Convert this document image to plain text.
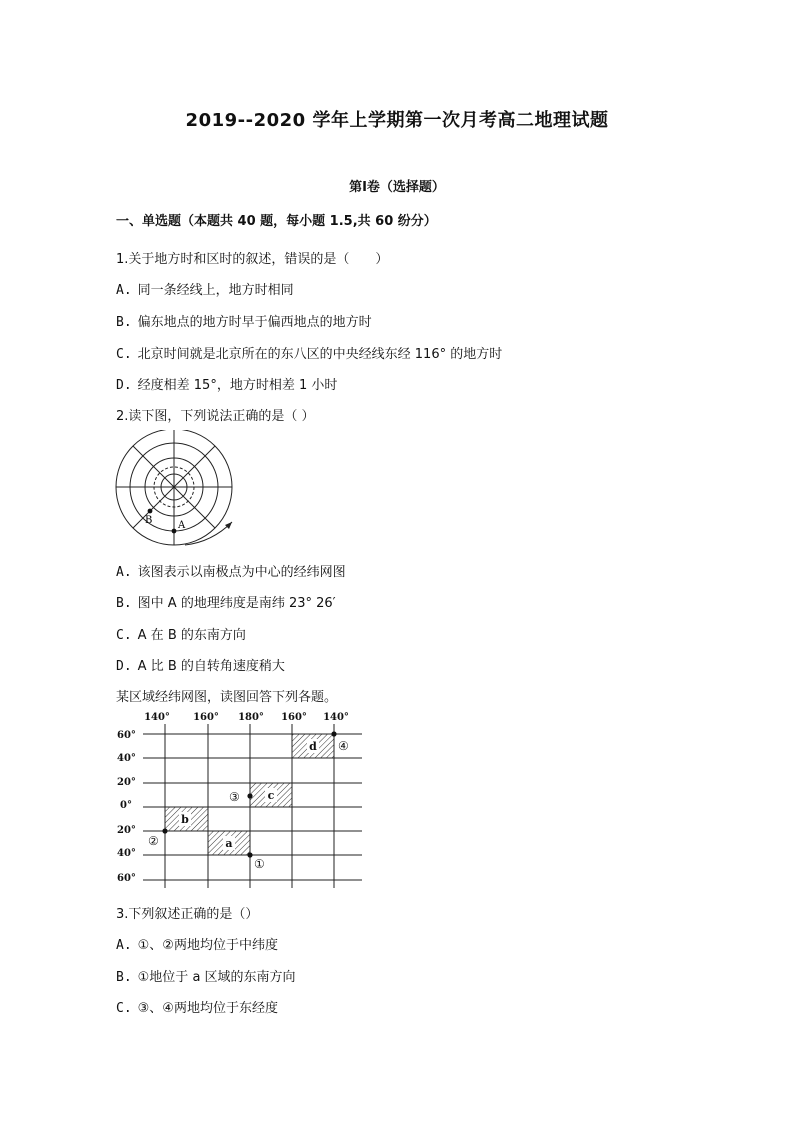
2019--2020 学年上学期第一次月考高二地理试题
第Ⅰ卷（选择题）
一、单选题（本题共 40 题，每小题 1.5,共 60 纷分）
1.关于地方时和区时的叙述，错误的是（　　）
A. 同一条经线上，地方时相同
B. 偏东地点的地方时早于偏西地点的地方时
C. 北京时间就是北京所在的东八区的中央经线东经 116° 的地方时
D. 经度相差 15°，地方时相差 1 小时
2.读下图，下列说法正确的是（ ）
B	A
A. 该图表示以南极点为中心的经纬网图
B. 图中 A 的地理纬度是南纬 23° 26′
C. A 在 B 的东南方向
D. A 比 B 的自转角速度稍大
某区域经纬网图，读图回答下列各题。
140° 160° 180° 160° 140°
60°
40°
20°
0°
20°
40°
60°
b
a
c
d
①
②
③
④
3.下列叙述正确的是（）
A. ①、②两地均位于中纬度
B. ①地位于 a 区域的东南方向
C. ③、④两地均位于东经度
